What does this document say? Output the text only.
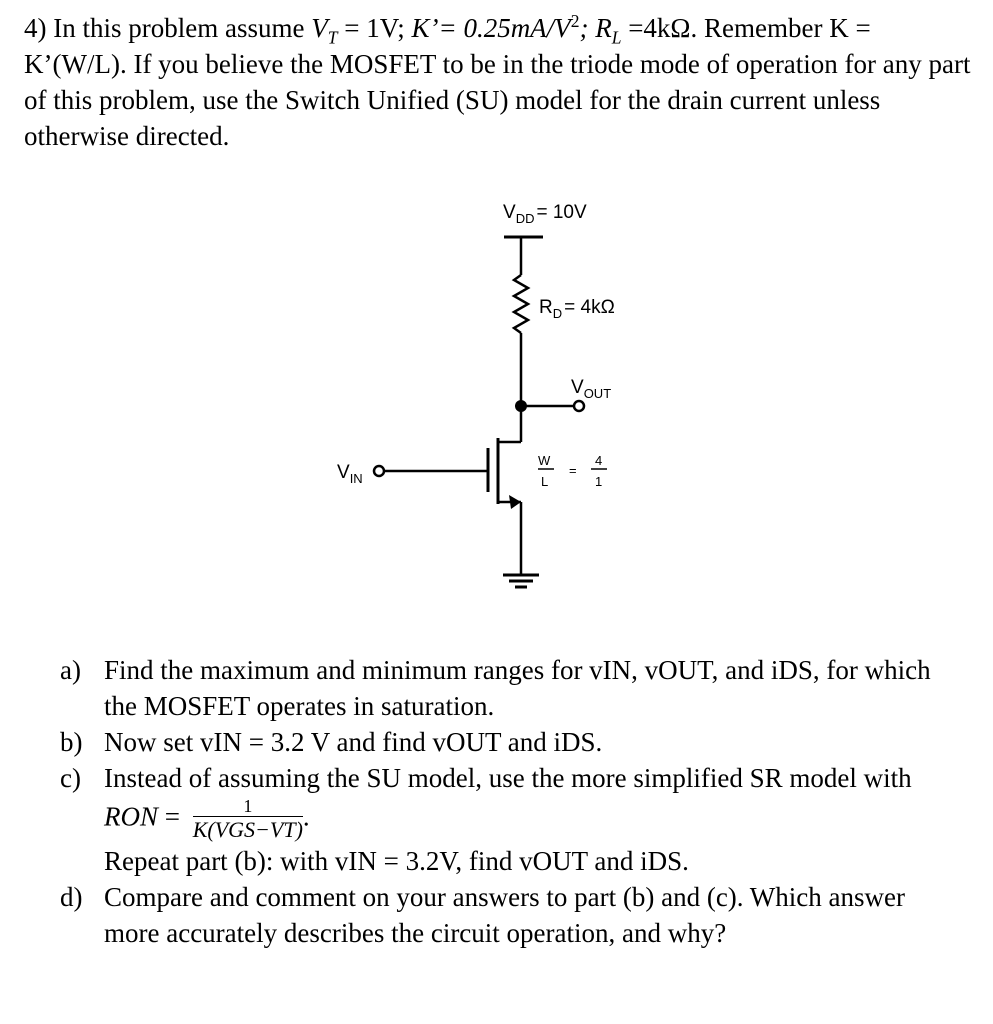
4) In this problem assume $V_T = 1V$; K’= $0.25mA/V^2$; $R_L =4k\Omega$. Remember K = K’(W/L). If you believe the MOSFET to be in the triode mode of operation for any part of this problem, use the Switch Unified (SU) model for the drain current unless otherwise directed.

$V_{DD} = 10V$
$R_D = 4k\Omega$
$V_{OUT}$
$V_{IN}$
W
L
=
4
1
a) Find the maximum and minimum ranges for vIN, vOUT, and iDS, for which the MOSFET operates in saturation.
b) Now set vIN = 3.2 V and find vOUT and iDS.
c) Instead of assuming the SU model, use the more simplified SR model with RON = $\frac{1}{\text{K(VGS−VT)}}$ .
Repeat part (b): with vIN = 3.2V, find vOUT and iDS.
d) Compare and comment on your answers to part (b) and (c). Which answer more accurately describes the circuit operation, and why?
